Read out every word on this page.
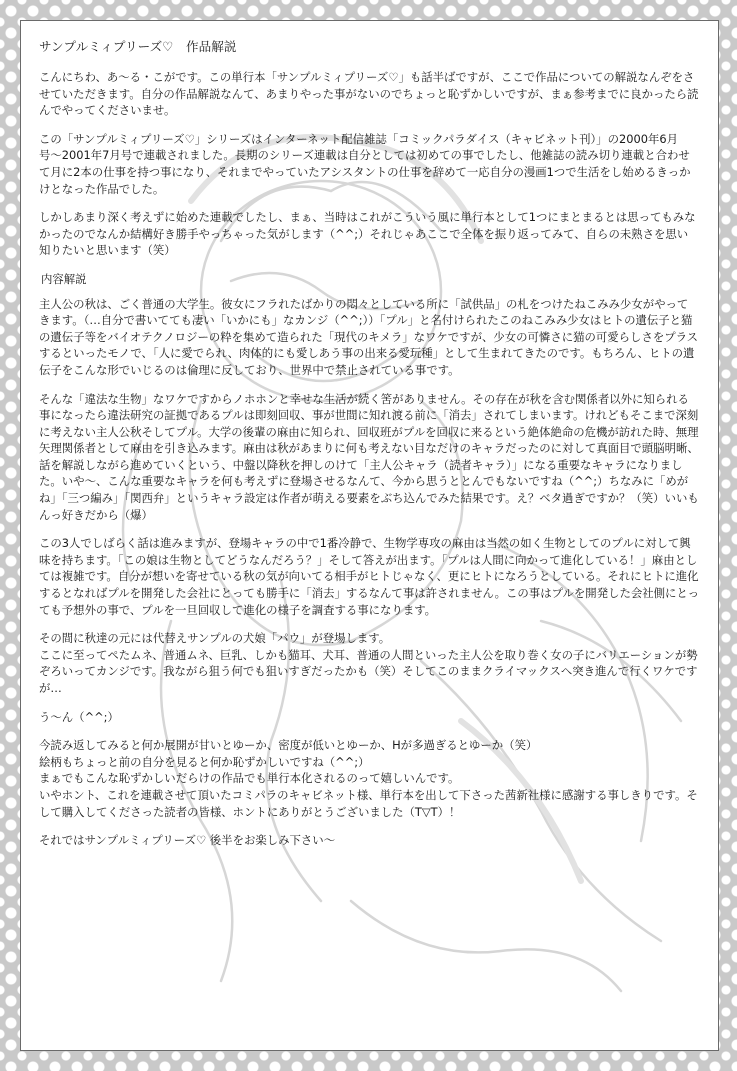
サンプルミィプリーズ♡　作品解説

こんにちわ、あ〜る・こがです。この単行本「サンプルミィプリーズ♡」も話半ばですが、ここで作品についての解説なんぞをさせていただきます。自分の作品解説なんて、あまりやった事がないのでちょっと恥ずかしいですが、まぁ参考までに良かったら読んでやってくださいませ。

この「サンプルミィプリーズ♡」シリーズはインターネット配信雑誌「コミックパラダイス（キャビネット刊）」の2000年6月号〜2001年7月号で連載されました。長期のシリーズ連載は自分としては初めての事でしたし、他雑誌の読み切り連載と合わせて月に2本の仕事を持つ事になり、それまでやっていたアシスタントの仕事を辞めて一応自分の漫画1つで生活をし始めるきっかけとなった作品でした。

しかしあまり深く考えずに始めた連載でしたし、まぁ、当時はこれがこういう風に単行本として1つにまとまるとは思ってもみなかったのでなんか結構好き勝手やっちゃった気がします（^^;）それじゃあここで全体を振り返ってみて、自らの未熟さを思い知りたいと思います（笑）

内容解説

主人公の秋は、ごく普通の大学生。彼女にフラれたばかりの悶々としている所に「試供品」の札をつけたねこみみ少女がやってきます。（…自分で書いてても凄い「いかにも」なカンジ（^^;））「プル」と名付けられたこのねこみみ少女はヒトの遺伝子と猫の遺伝子等をバイオテクノロジーの粋を集めて造られた「現代のキメラ」なワケですが、少女の可憐さに猫の可愛らしさをプラスするといったモノで、「人に愛でられ、肉体的にも愛しあう事の出来る愛玩種」として生まれてきたのです。もちろん、ヒトの遺伝子をこんな形でいじるのは倫理に反しており、世界中で禁止されている事です。

そんな「違法な生物」なワケですからノホホンと幸せな生活が続く筈がありません。その存在が秋を含む関係者以外に知られる事になったら違法研究の証拠であるプルは即刻回収、事が世間に知れ渡る前に「消去」されてしまいます。けれどもそこまで深刻に考えない主人公秋そしてプル。大学の後輩の麻由に知られ、回収班がプルを回収に来るという絶体絶命の危機が訪れた時、無理矢理関係者として麻由を引き込みます。麻由は秋があまりに何も考えない目なだけのキャラだったのに対して真面目で頭脳明晰、話を解説しながら進めていくという、中盤以降秋を押しのけて「主人公キャラ（読者キャラ）」になる重要なキャラになりました。いや〜、こんな重要なキャラを何も考えずに登場させるなんて、今から思うととんでもないですね（^^;）ちなみに「めがね」「三つ編み」「関西弁」というキャラ設定は作者が萌える要素をぶち込んでみた結果です。え？ベタ過ぎですか？（笑）いいもんっ好きだから（爆）

この3人でしばらく話は進みますが、登場キャラの中で1番冷静で、生物学専攻の麻由は当然の如く生物としてのプルに対して興味を持ちます。「この娘は生物としてどうなんだろう？」そして答えが出ます。「プルは人間に向かって進化している！」麻由としては複雑です。自分が想いを寄せている秋の気が向いてる相手がヒトじゃなく、更にヒトになろうとしている。それにヒトに進化するとなればプルを開発した会社にとっても勝手に「消去」するなんて事は許されません。この事はプルを開発した会社側にとっても予想外の事で、プルを一旦回収して進化の様子を調査する事になります。

その間に秋達の元には代替えサンプルの犬娘「パウ」が登場します。
ここに至ってペたムネ、普通ムネ、巨乳、しかも猫耳、犬耳、普通の人間といった主人公を取り巻く女の子にバリエーションが勢ぞろいってカンジです。我ながら狙う何でも狙いすぎだったかも（笑）そしてこのままクライマックスへ突き進んで行くワケですが…

う〜ん（^^;）

今読み返してみると何か展開が甘いとゆーか、密度が低いとゆーか、Hが多過ぎるとゆーか（笑）
絵柄もちょっと前の自分を見ると何か恥ずかしいですね（^^;）
まぁでもこんな恥ずかしいだらけの作品でも単行本化されるのって嬉しいんです。
いやホント、これを連載させて頂いたコミパラのキャビネット様、単行本を出して下さった茜新社様に感謝する事しきりです。そして購入してくださった読者の皆様、ホントにありがとうございました（T▽T）！

それではサンプルミィプリーズ♡ 後半をお楽しみ下さい〜
